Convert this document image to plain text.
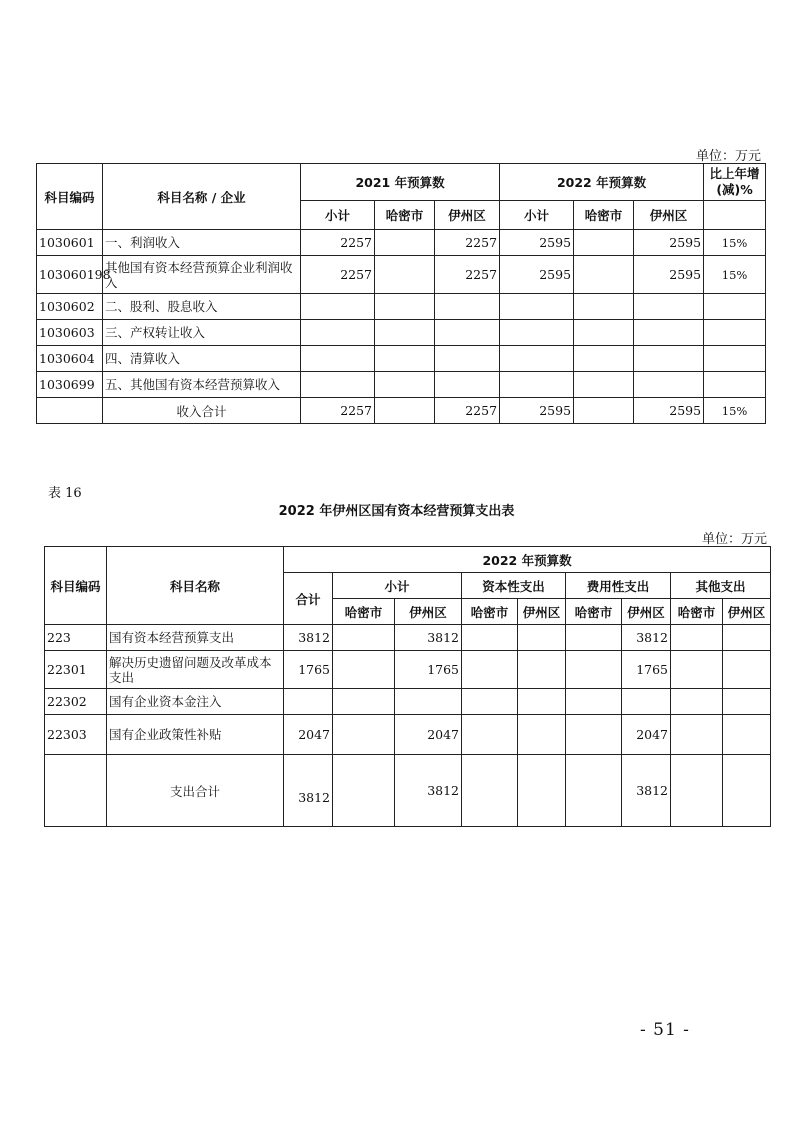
单位：万元
科目编码	科目名称 / 企业	2021 年预算数			2022 年预算数			比上年增(减)%
		小计	哈密市	伊州区	小计	哈密市	伊州区	
1030601	一、利润收入	2257		2257	2595		2595	15%
103060198	其他国有资本经营预算企业利润收入	2257		2257	2595		2595	15%
1030602	二、股利、股息收入							
1030603	三、产权转让收入							
1030604	四、清算收入							
1030699	五、其他国有资本经营预算收入							
	收入合计	2257		2257	2595		2595	15%
表 16
2022 年伊州区国有资本经营预算支出表
单位：万元
科目编码	科目名称	2022 年预算数								
		合计	小计		资本性支出		费用性支出		其他支出	
			哈密市	伊州区	哈密市	伊州区	哈密市	伊州区	哈密市	伊州区
223	国有资本经营预算支出	3812		3812				3812		
22301	解决历史遗留问题及改革成本支出	1765		1765				1765		
22302	国有企业资本金注入									
22303	国有企业政策性补贴	2047		2047				2047		
	支出合计	3812		3812				3812		
- 51 -
